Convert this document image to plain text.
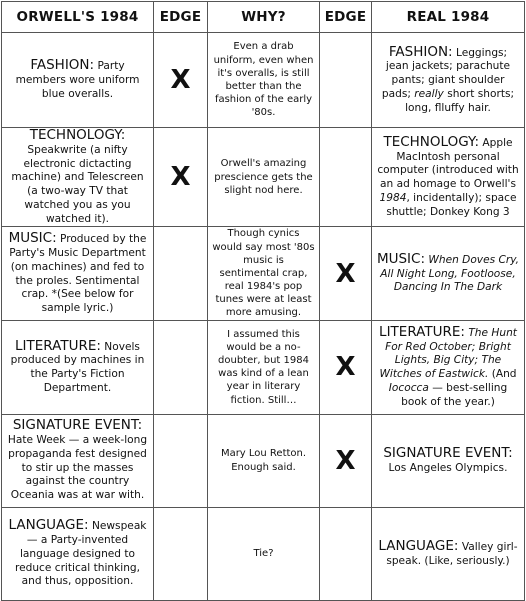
ORWELL'S 1984	EDGE	WHY?	EDGE	REAL 1984
FASHION: Party members wore uniform blue overalls.	X	Even a drab uniform, even when it's overalls, is still better than the fashion of the early '80s.		FASHION: Leggings; jean jackets; parachute pants; giant shoulder pads; really short shorts; long, flluffy hair.
TECHNOLOGY: Speakwrite (a nifty electronic dictacting machine) and Telescreen (a two-way TV that watched you as you watched it).	X	Orwell's amazing prescience gets the slight nod here.		TECHNOLOGY: Apple MacIntosh personal computer (introduced with an ad homage to Orwell's 1984, incidentally); space shuttle; Donkey Kong 3
MUSIC: Produced by the Party's Music Department (on machines) and fed to the proles. Sentimental crap. *(See below for sample lyric.)		Though cynics would say most '80s music is sentimental crap, real 1984's pop tunes were at least more amusing.	X	MUSIC: When Doves Cry, All Night Long, Footloose, Dancing In The Dark
LITERATURE: Novels produced by machines in the Party's Fiction Department.		I assumed this would be a no-doubter, but 1984 was kind of a lean year in literary fiction. Still…	X	LITERATURE: The Hunt For Red October; Bright Lights, Big City; The Witches of Eastwick. (And Iococca — best-selling book of the year.)
SIGNATURE EVENT: Hate Week — a week-long propaganda fest designed to stir up the masses against the country Oceania was at war with.		Mary Lou Retton. Enough said.	X	SIGNATURE EVENT: Los Angeles Olympics.
LANGUAGE: Newspeak — a Party-invented language designed to reduce critical thinking, and thus, opposition.		Tie?		LANGUAGE: Valley girl-speak. (Like, seriously.)
